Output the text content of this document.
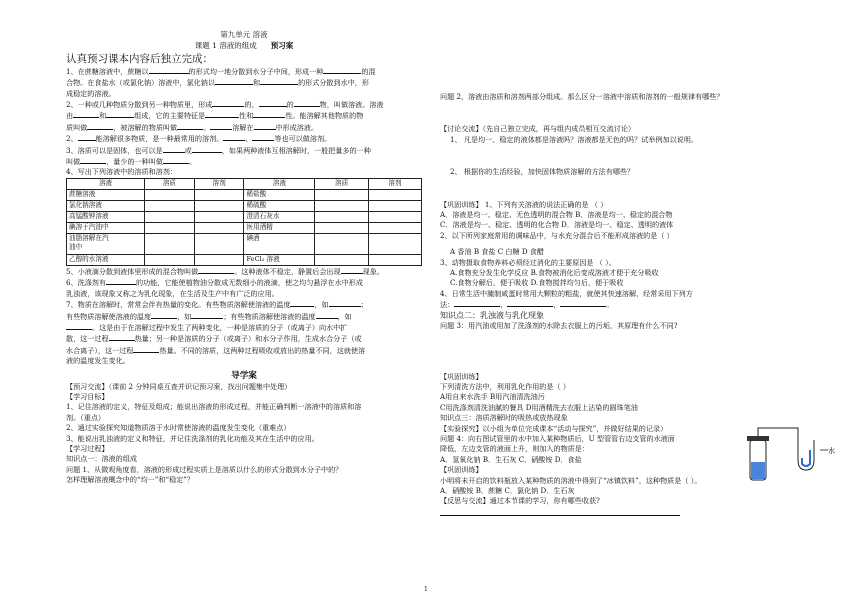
第九单元 溶液

课题 1 溶液的组成 预习案

认真预习课本内容后独立完成：

1、在蔗糖溶液中，蔗糖以	的形式均一地分散到水分子中间，形成一种	的混

合物。在食盐水（或氯化钠）溶液中，氯化钠以	和	的形式分散到水中，形

成稳定的溶液。

2、一种或几种物质分散到另一种物质里，形成	的、	的	物，叫做溶液。溶液

由	和	组成，它的主要特征是	性和	性。能溶解其他物质的物

质叫做	，被溶解的物质叫做	。	溶解在	中形成溶液。

2、	能溶解很多物质，是一种最常用的溶剂。	、	等也可以做溶剂。

3、溶质可以是固体，也可以是	或	，如果两种液体互相溶解时，一般把量多的一种

叫做	，量少的一种叫做	。

4、写出下列溶液中的溶质和溶剂：

溶液	溶质	溶剂	溶液	溶质	溶剂
蔗糖溶液			稀盐酸		
氯化钠溶液			稀硫酸		
高锰酸钾溶液			澄清石灰水		
碘溶于汽油中			医用酒精		
油脂溶解在汽
油中			碘酒		
乙醇的水溶液			FeCl₂ 溶液		

5、小液滴分散到液体里形成的混合物叫做	。这种液体不稳定，静置后会出现	现象。

6、洗涤剂有	的功能，它能使植物油分散成无数细小的液滴，使之均匀悬浮在水中形成

乳浊液，该现象又称之为乳化现象，在生活及生产中有广泛的应用。

7、物质在溶解时，常常会伴有热量的变化。有些物质溶解使溶液的温度	，如	；

有些物质溶解使溶液的温度	，如	；有些物质溶解使溶液的温度	，如

。这是由于在溶解过程中发生了两种变化，一种是溶质的分子（或离子）向水中扩

散，这一过程	热量；另一种是溶质的分子（或离子）和水分子作用，生成水合分子（或

水合离子），这一过程	热量。不同的溶质，这两种过程吸收或放出的热量不同，这就使溶

液的温度发生变化。

导学案

【预习交流】（课前 2 分钟同桌互查并识记预习案，找出问题集中处理）

【学习目标】

1、记住溶液的定义，特征及组成；能说出溶液的形成过程，并能正确判断一溶液中的溶质和溶

剂。（重点）

2、通过实验探究知道物质溶于水时常使溶液的温度发生变化（重难点）

3、能说出乳浊液的定义和特征，并记住洗涤剂的乳化功能及其在生活中的应用。

【学习过程】

知识点一：溶液的组成

问题 1、从微观角度看，溶液的形成过程实质上是溶质以什么的形式分散到水分子中的？

怎样理解溶液概念中的“均一”和“稳定”？

问题 2，溶液由溶质和溶剂两部分组成。那么区分一溶液中溶质和溶剂的一般规律有哪些？

【讨论交流】（先自己独立完成，再与组内成员相互交流讨论）

1、 凡是均一、稳定的液体都是溶液吗？溶液都是无色的吗？试举例加以说明。

2、 根据你的生活经验，加快固体物质溶解的方法有哪些？

【巩固训练】 1、下列有关溶液的说法正确的是 （ ）

A．溶液是均一、稳定、无色透明的混合物 B．溶液是均一、稳定的混合物

C．溶液是均一、稳定、透明的化合物 D．溶液是均一、稳定、透明的液体

2、以下所列家庭常用的调味品中，与水充分混合后不能形成溶液的是（ ）

A 香油 B 食盐 C 白糖 D 食醋

3、动物摄取食物养料必须经过消化的主要原因是 （ ）。

A.食物充分发生化学反应 B.食物被消化后变成溶液才便于充分吸收

C.食物分解后，便于吸收 D.食物搅拌均匀后，便于吸收

4、日常生活中腌制咸蛋时常用大颗粒的粗盐，就使其快速溶解，经常采用下列方

法：	，	，	。

知识点二：乳浊液与乳化现象

问题 3：用汽油或用加了洗涤剂的水除去衣服上的污垢，其原理有什么不同?

【巩固训练】

下列清洗方法中，利用乳化作用的是（ ）

A用自来水洗手 B用汽油清洗油污

C用洗涤剂清洗油腻的餐具 D用酒精洗去衣服上沾染的圆珠笔油

知识点三：溶质溶解时的吸热或放热现象

【实验探究】以小组为单位完成课本“活动与探究”，并做好结果的记录）

问题 4：向右图试管里的水中加入某种物质后，U 型管管右边支管的水液面

降低，左边支管的液面上升，则加入的物质是：

A．氢氧化钠 B．生石灰 C．硝酸铵 D．食盐

【巩固训练】

小明将未开启的饮料瓶放入某种物质的溶液中得到了“冰镇饮料”，这种物质是（ ）。

A．硝酸铵 B．蔗糖 C．氯化钠 D．生石灰

【反思与交流】通过本节课的学习，你有哪些收获?

水
1
